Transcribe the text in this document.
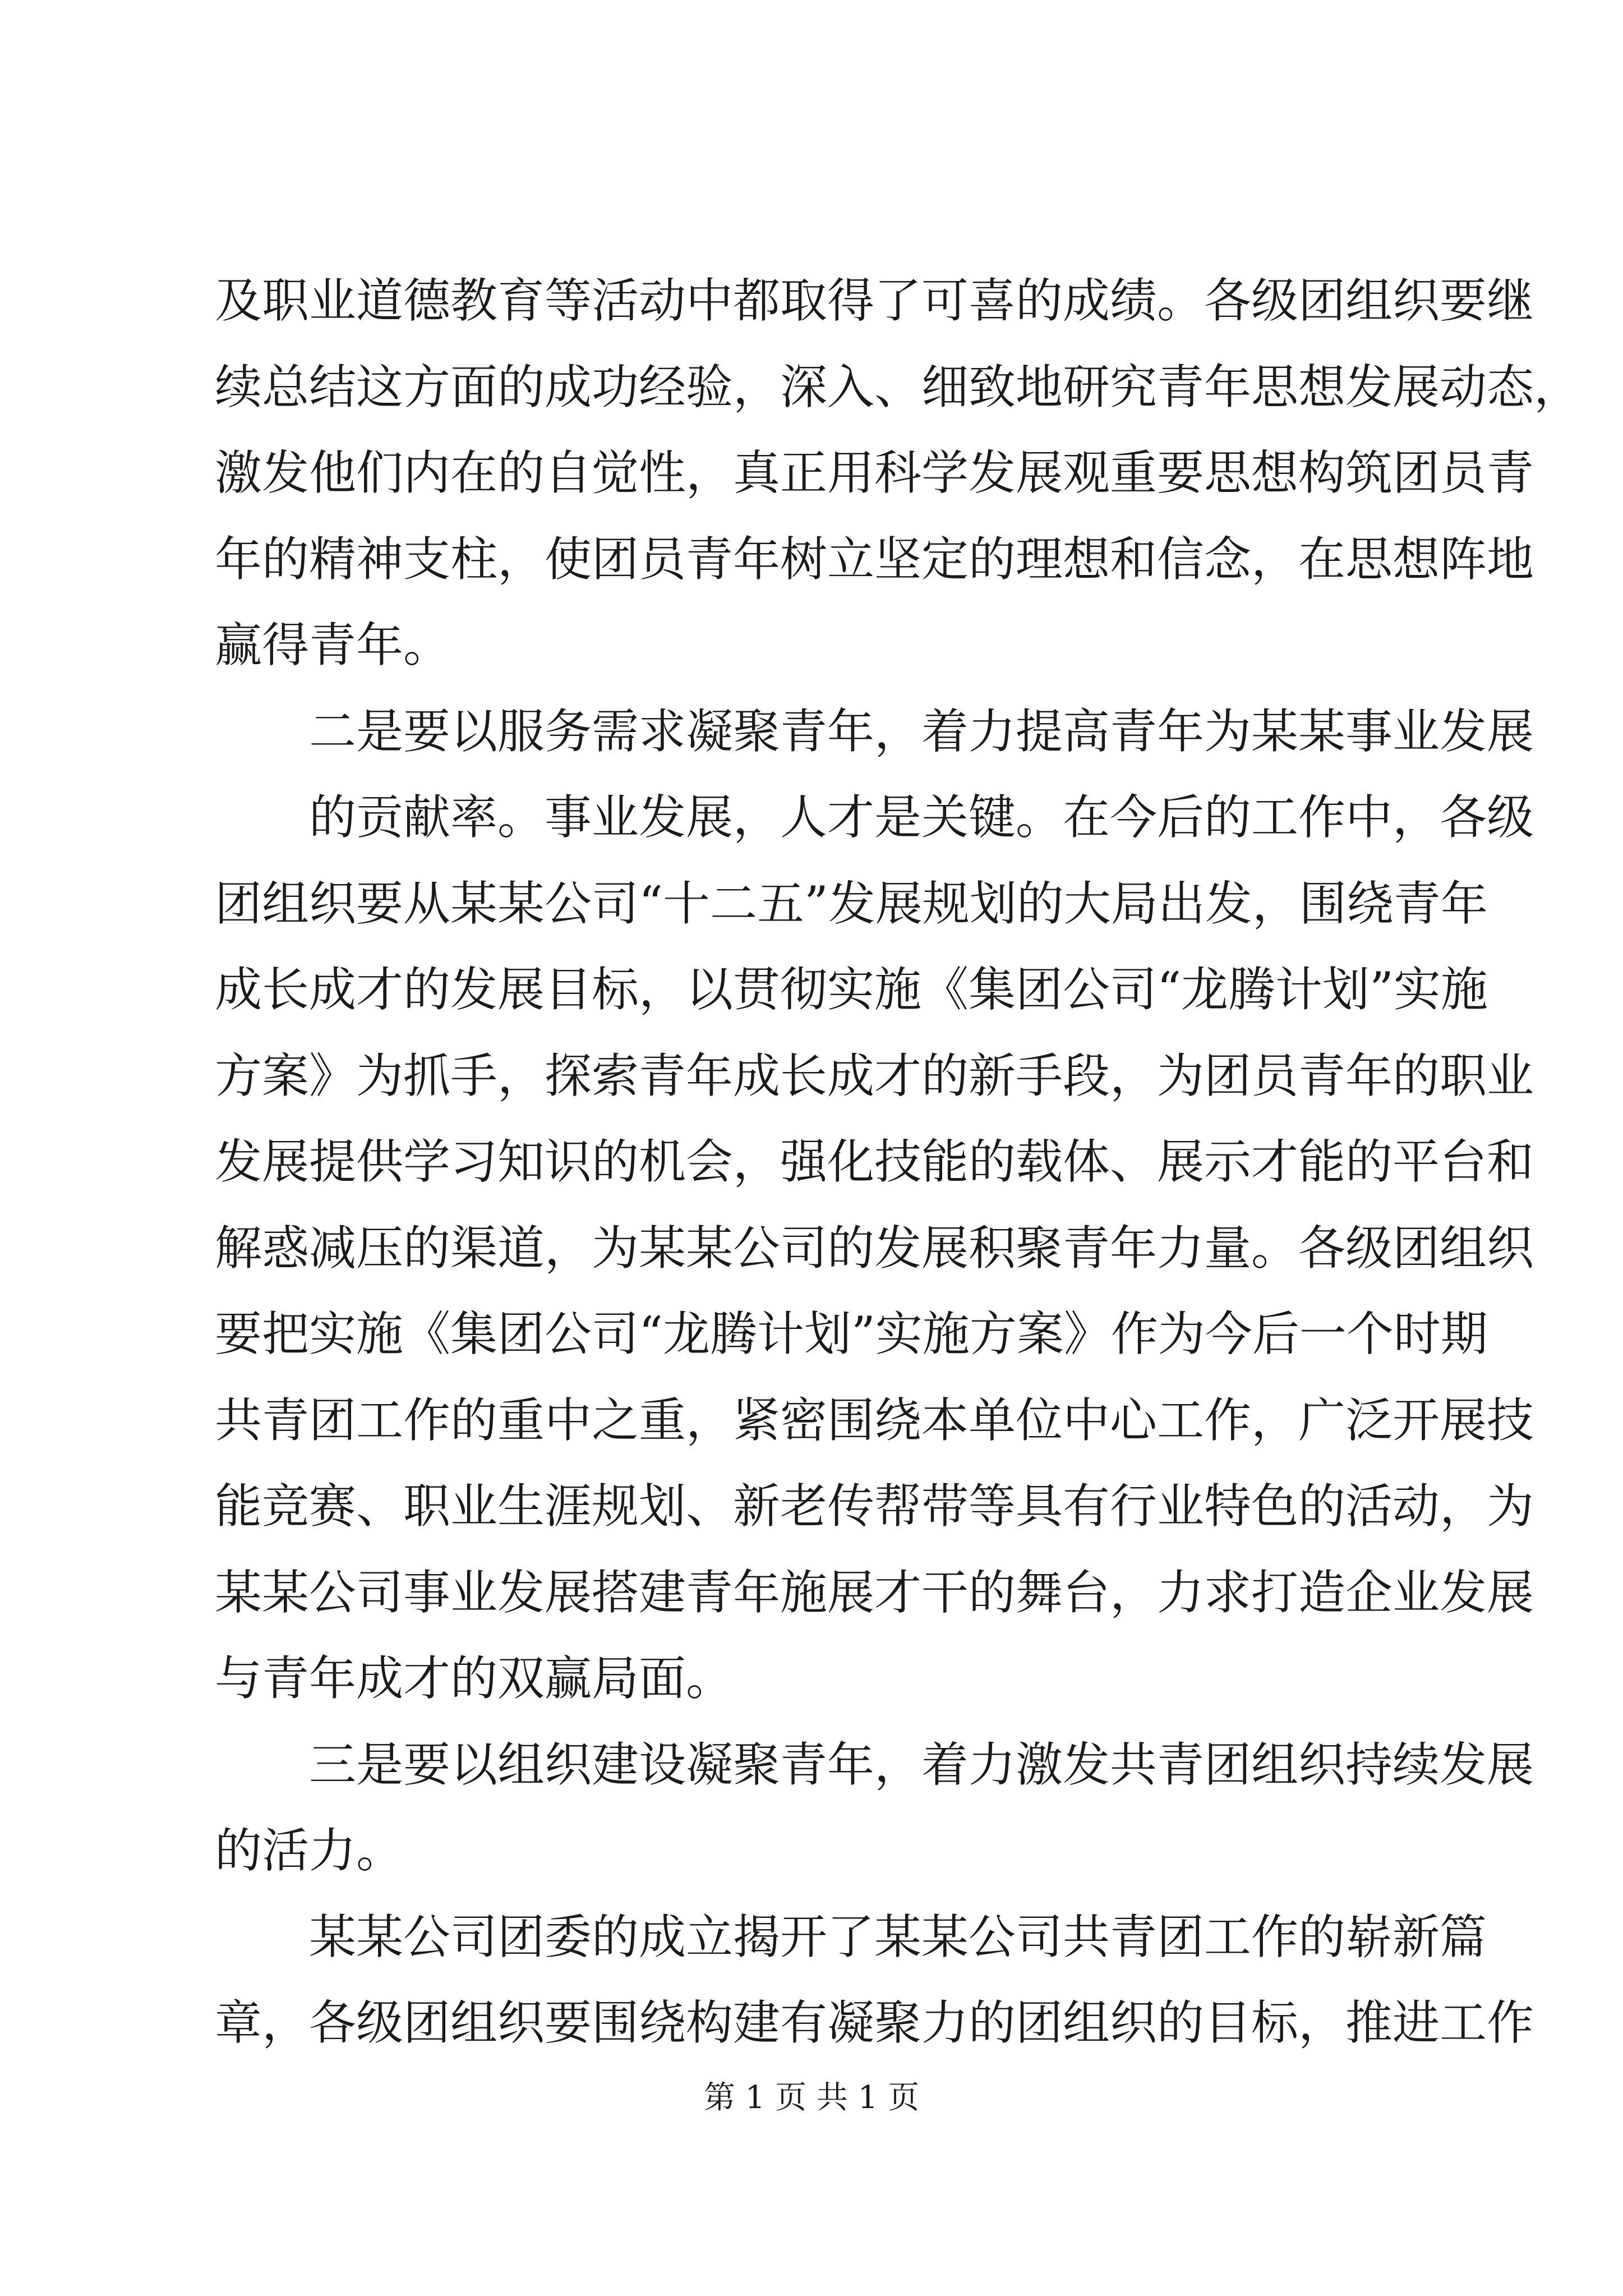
及职业道德教育等活动中都取得了可喜的成绩。各级团组织要继
续总结这方面的成功经验，深入、细致地研究青年思想发展动态，
激发他们内在的自觉性，真正用科学发展观重要思想构筑团员青
年的精神支柱，使团员青年树立坚定的理想和信念，在思想阵地
赢得青年。
二是要以服务需求凝聚青年，着力提高青年为某某事业发展
的贡献率。事业发展，人才是关键。在今后的工作中，各级
团组织要从某某公司“十二五”发展规划的大局出发，围绕青年
成长成才的发展目标，以贯彻实施《集团公司“龙腾计划”实施
方案》为抓手，探索青年成长成才的新手段，为团员青年的职业
发展提供学习知识的机会，强化技能的载体、展示才能的平台和
解惑减压的渠道，为某某公司的发展积聚青年力量。各级团组织
要把实施《集团公司“龙腾计划”实施方案》作为今后一个时期
共青团工作的重中之重，紧密围绕本单位中心工作，广泛开展技
能竞赛、职业生涯规划、新老传帮带等具有行业特色的活动，为
某某公司事业发展搭建青年施展才干的舞台，力求打造企业发展
与青年成才的双赢局面。
三是要以组织建设凝聚青年，着力激发共青团组织持续发展
的活力。
某某公司团委的成立揭开了某某公司共青团工作的崭新篇
章，各级团组织要围绕构建有凝聚力的团组织的目标，推进工作
第 1 页 共 1 页
